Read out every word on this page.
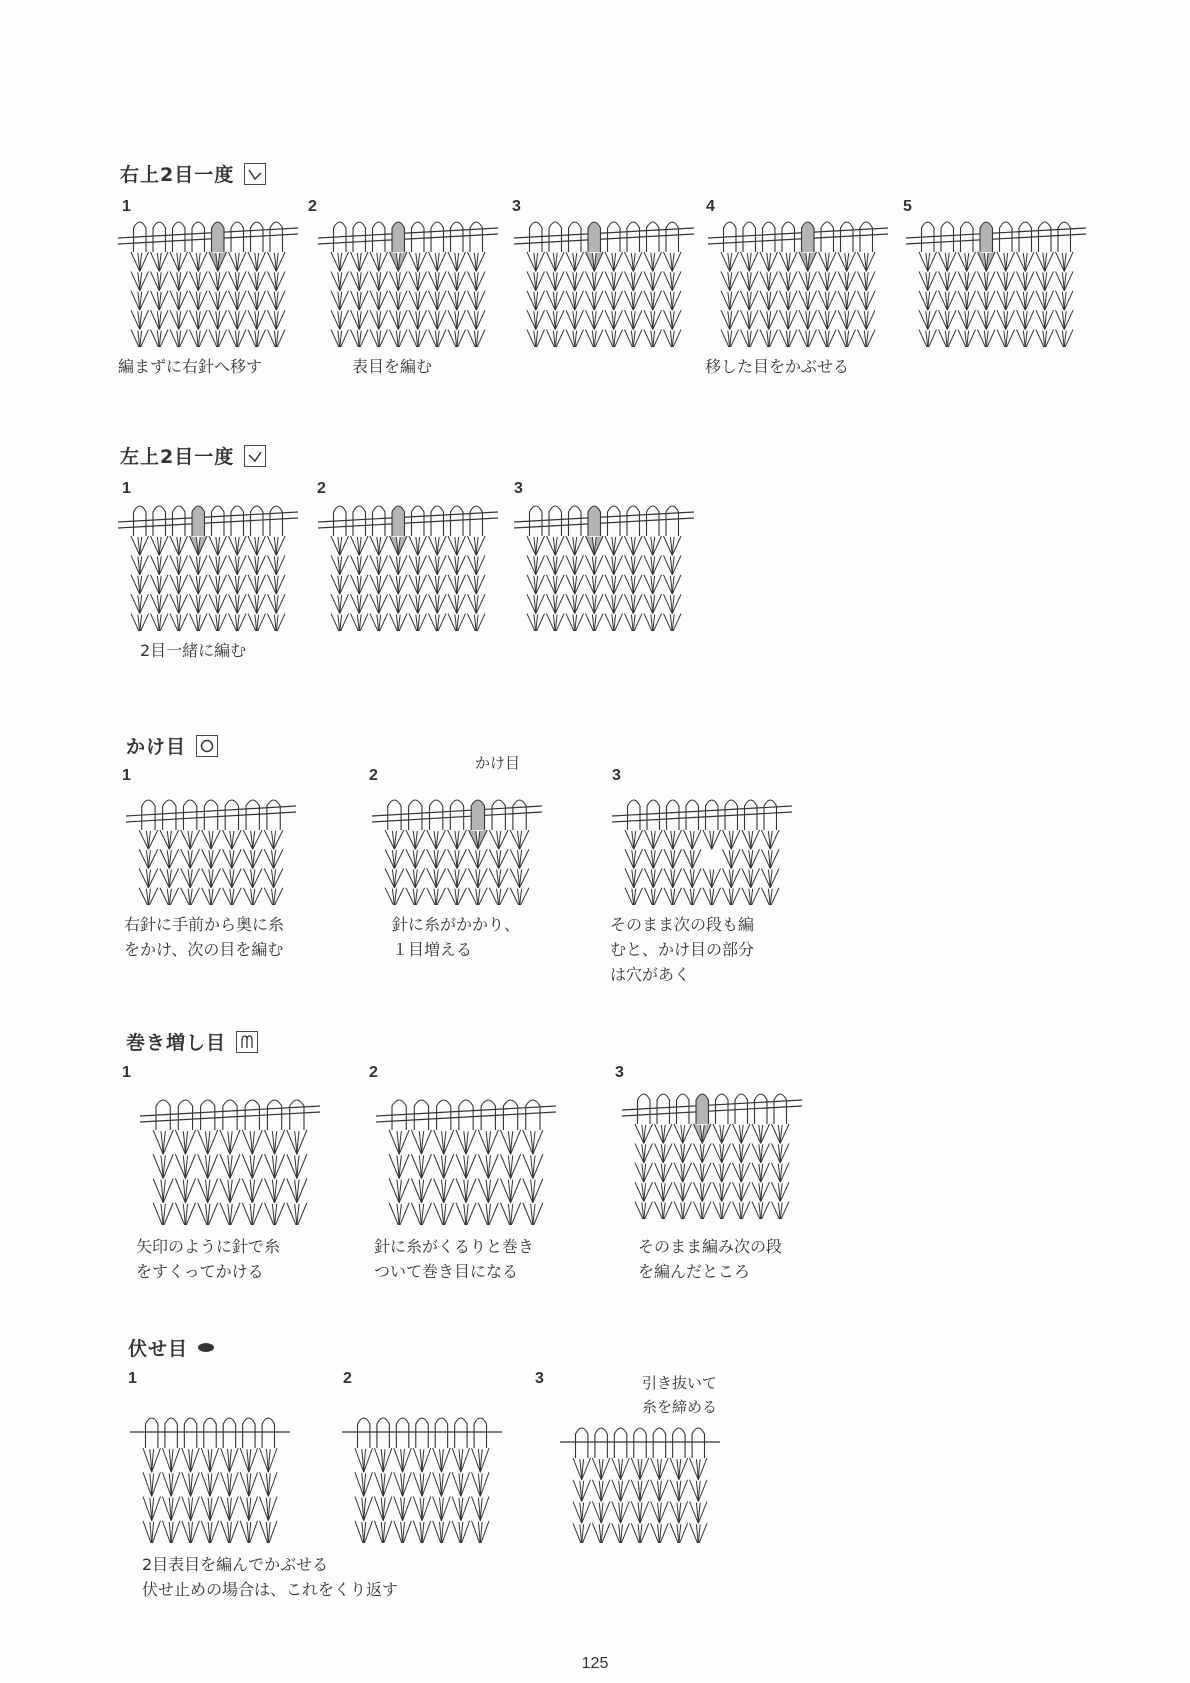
右上2目一度
1	2	3	4	5
編まずに右針へ移す	表目を編む	移した目をかぶせる
左上2目一度
1	2	3
2目一緒に編む
かけ目
1	2	3
かけ目
右針に手前から奥に糸
をかけ、次の目を編む
針に糸がかかり、
１目増える
そのまま次の段も編
むと、かけ目の部分
は穴があく
巻き増し目
1	2	3
矢印のように針で糸
をすくってかける
針に糸がくるりと巻き
ついて巻き目になる
そのまま編み次の段
を編んだところ
伏せ目
1	2	3	引き抜いて
糸を締める
2目表目を編んでかぶせる
伏せ止めの場合は、これをくり返す
125
